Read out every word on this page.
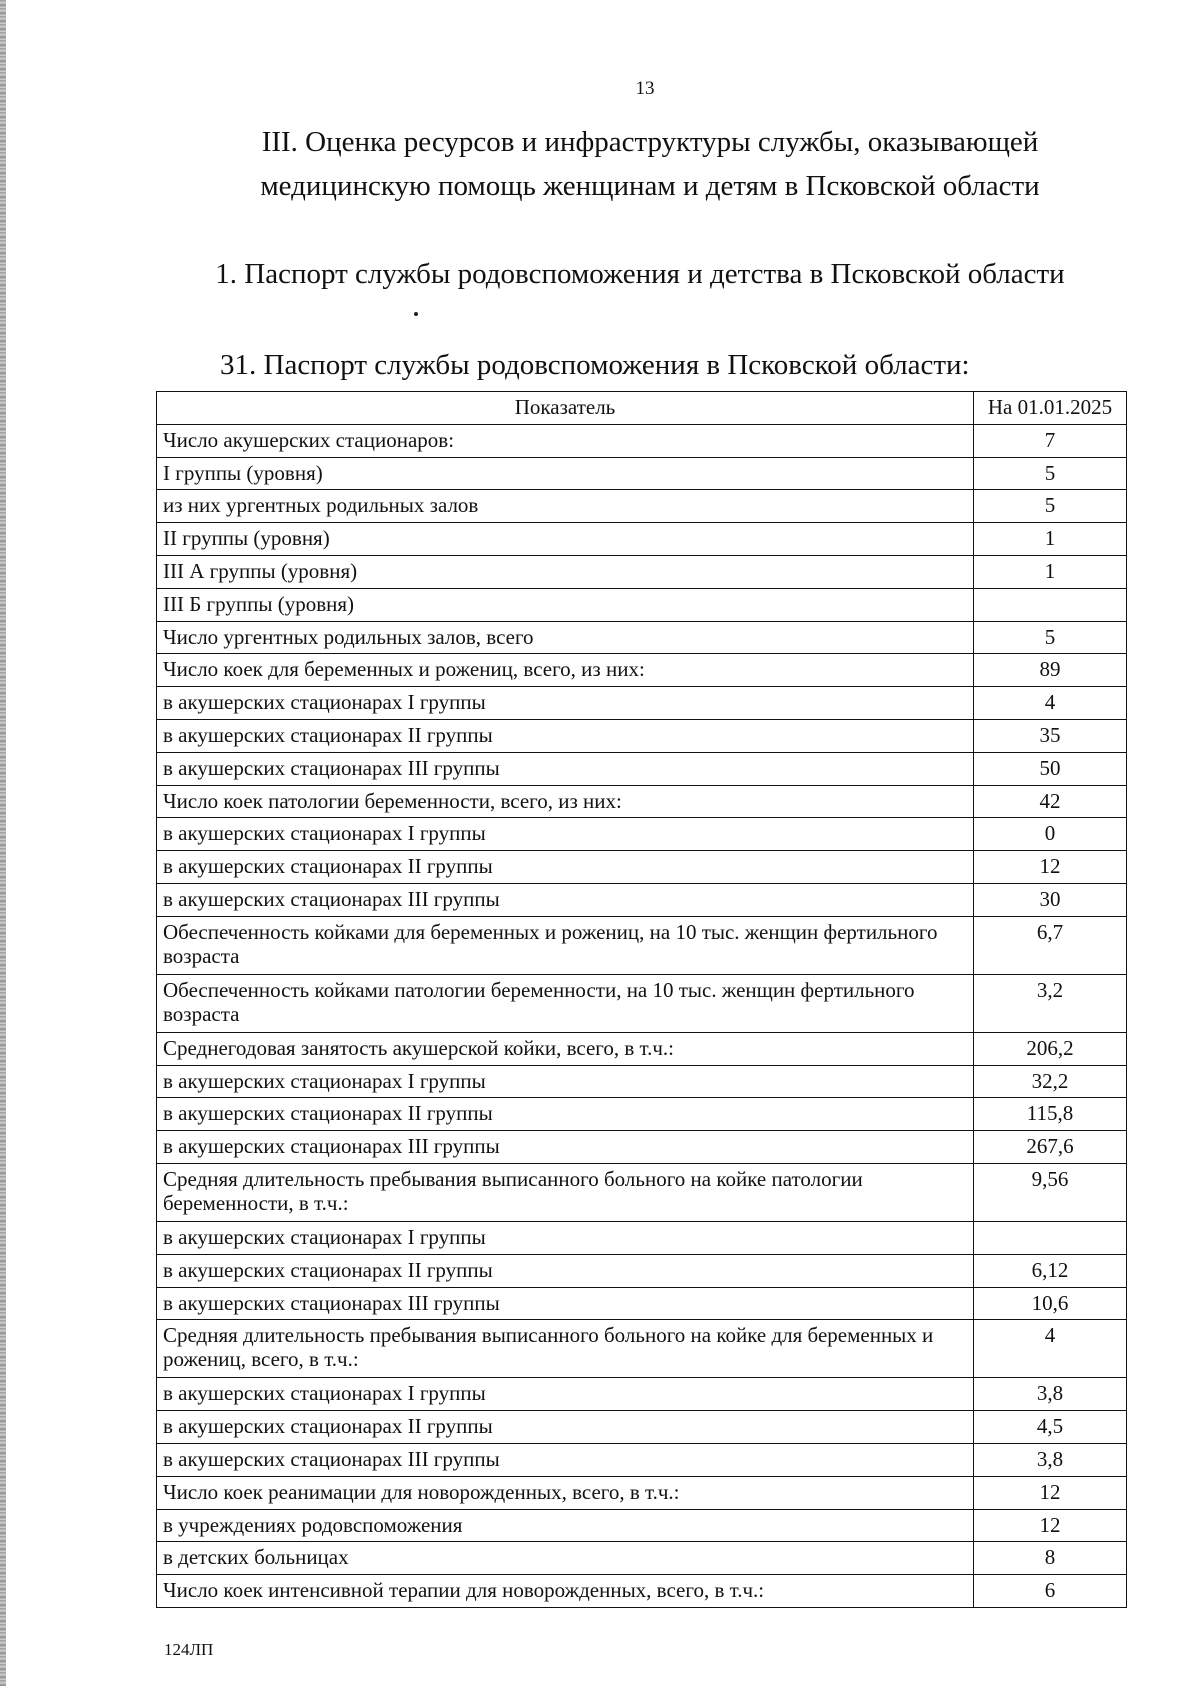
13
III. Оценка ресурсов и инфраструктуры службы, оказывающей медицинскую помощь женщинам и детям в Псковской области
1. Паспорт службы родовспоможения и детства в Псковской области
31. Паспорт службы родовспоможения в Псковской области:
Показатель	На 01.01.2025
Число акушерских стационаров:	7
I группы (уровня)	5
из них ургентных родильных залов	5
II группы (уровня)	1
III А группы (уровня)	1
III Б группы (уровня)	
Число ургентных родильных залов, всего	5
Число коек для беременных и рожениц, всего, из них:	89
в акушерских стационарах I группы	4
в акушерских стационарах II группы	35
в акушерских стационарах III группы	50
Число коек патологии беременности, всего, из них:	42
в акушерских стационарах I группы	0
в акушерских стационарах II группы	12
в акушерских стационарах III группы	30
Обеспеченность койками для беременных и рожениц, на 10 тыс. женщин фертильного возраста	6,7
Обеспеченность койками патологии беременности, на 10 тыс. женщин фертильного возраста	3,2
Среднегодовая занятость акушерской койки, всего, в т.ч.:	206,2
в акушерских стационарах I группы	32,2
в акушерских стационарах II группы	115,8
в акушерских стационарах III группы	267,6
Средняя длительность пребывания выписанного больного на койке патологии беременности, в т.ч.:	9,56
в акушерских стационарах I группы	
в акушерских стационарах II группы	6,12
в акушерских стационарах III группы	10,6
Средняя длительность пребывания выписанного больного на койке для беременных и рожениц, всего, в т.ч.:	4
в акушерских стационарах I группы	3,8
в акушерских стационарах II группы	4,5
в акушерских стационарах III группы	3,8
Число коек реанимации для новорожденных, всего, в т.ч.:	12
в учреждениях родовспоможения	12
в детских больницах	8
Число коек интенсивной терапии для новорожденных, всего, в т.ч.:	6
124ЛП
